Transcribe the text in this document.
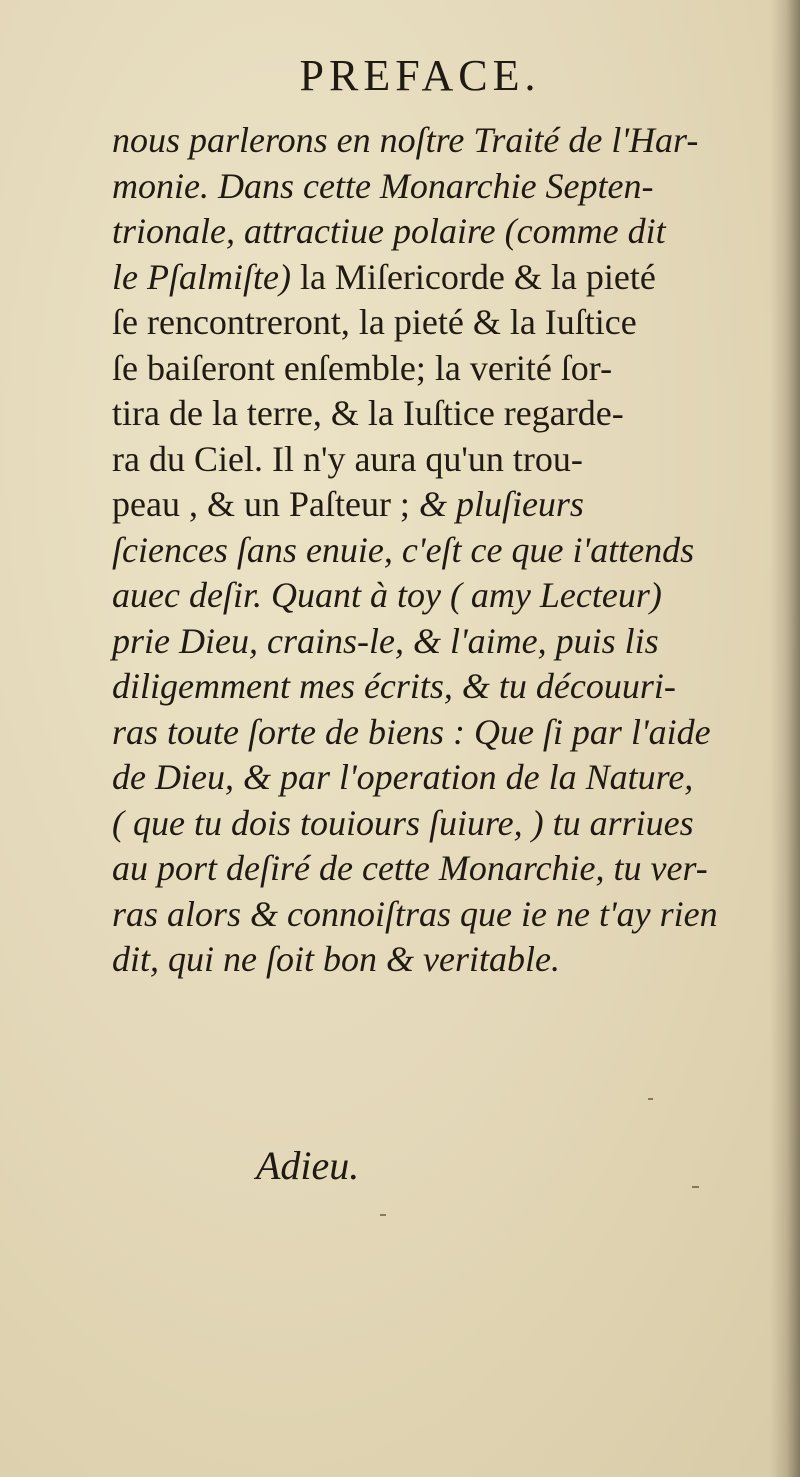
PREFACE.
nous parlerons en noſtre Traité de l'Har-
monie. Dans cette Monarchie Septen-
trionale, attractiue polaire (comme dit
le Pſalmiſte) la Miſericorde & la pieté
ſe rencontreront, la pieté & la Iuſtice
ſe baiſeront enſemble; la verité ſor-
tira de la terre, & la Iuſtice regarde-
ra du Ciel. Il n'y aura qu'un trou-
peau , & un Paſteur ; & pluſieurs
ſciences ſans enuie, c'eſt ce que i'attends
auec deſir. Quant à toy ( amy Lecteur)
prie Dieu, crains-le, & l'aime, puis lis
diligemment mes écrits, & tu découuri-
ras toute ſorte de biens : Que ſi par l'aide
de Dieu, & par l'operation de la Nature,
( que tu dois touiours ſuiure, ) tu arriues
au port deſiré de cette Monarchie, tu ver-
ras alors & connoiſtras que ie ne t'ay rien
dit, qui ne ſoit bon & veritable.
Adieu.
